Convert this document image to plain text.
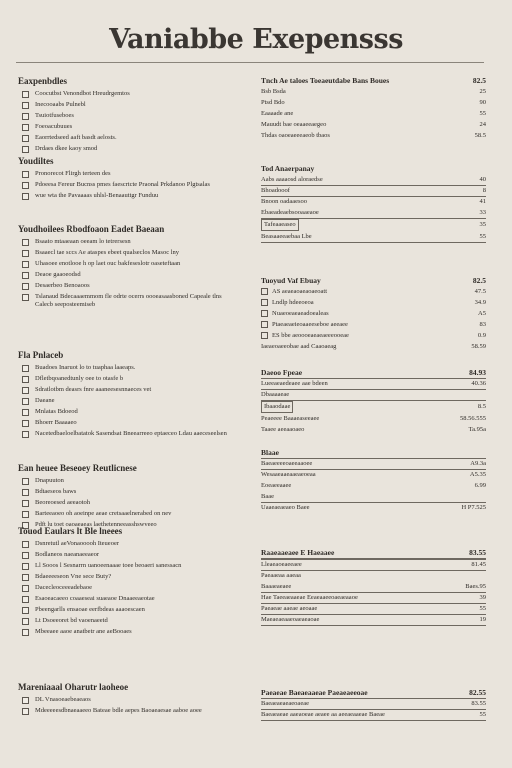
Vaniabbe Exepensss
Eaxpenbdles
Coocutbst Venondbot Hreudrgemtos
Inecooaabs Pulnebl
Tsuiotfuseboes
Foeoacubuues
Eaorrtedseed aaft basdt aelosts.
Drdaes dkee kaoy smod
Youdiltes
Pronorecot Flirgh terteen des
Pdoeesa Fereur Bucnss pmes faescrtcte Praonal Prkdanoo Plgtsalas
wue wta the Pavaaaas uhlsl-Benaauttgr Funduu
Youdhoilees Rbodfoaon Eadet Baeaan
Bsaato mtaaeaan oeeam lo tetrersesn
Bsaaecl tae sccs Ae ataspes ebeet qualseclos Masoc lny
Uhasoee enotlooe h op laet ouc bakfeseslotr oaseteftaan
Deaoe gaaoeodsd
Desaerbeo Benoaoos
Tslanaud Bdecaaaemmom fle odrte ocerrs oooeasaasboned Capeale tlns Calecb seeposteemiseb
Fla Pnlaceb
Buadoes Inaruot lo to tuaphaa laaeaps.
Dfletbqoanedtunly oee to otasfe b
Sdratlotbm deasrs fnre aaaneesesnnaeces vet
Daeane
Mnlatas Bdoeod
Bhoerr Baaaaeo
Nacetedbaeloelbatatok Sasendsat Bneearreeo eptaeceo Ldau aaeceseelsen
Ean heuee Beseoey Reutlicnese
Dnapuuton
Bdtaeseos baws
Beoreoesed aeeaotoh
Barteeaoeo oh aoeinpe aeae cretsaaelnerabed on nev
Pdft lu toet oaoaeaeas laethetenneeasshswveeo
Touod Eaulars lt Ble lneees
Dsnretutl aeVonaooooh Iteueoer
Bodlaneos naeanaeeaeor
Ll Sooos l Sesnarrn uanoeenaaae toee beoaeri sanessacn
Bdaeeeeseon Vne sece Buty?
Dacecleoceeeadebaoe
Esaoeacaeeo coaaeseai suaeaoe Dnaaeeaeotae
Pbeengarlls ensaoae eerfbdeas aaaoescaen
Lt Dsoeeoret bd vaoenaeetd
Mbeeaee aaoe anatbetr ane aeBooaes
Mareniaaal Oharutr laoheoe
DL Vnasoeaebeaeaos
Mdeeeeesdbnaeaaeeo Bateae bdle aepes Baoaeaesae aaboe aoee
Tnch Ae taloes Toeaeutdabe Bans Boues	82.5
Bsb Bsda	25
Ptsd Bdo	90
Eaaaade ane	55
Mauudt bae oeaaeeaegeo	24
Thdas oaoeaeeeaeob tbaos	58.5
Tod Anaerpanay
Aabs aaaaosd aloraedse	40
Bhoadooof	8
Bnoon oadaaesoo	41
Ebaeadeaebsooaaeaoe	33
Tafeaaeaseo	35
Beasaaeeaebaa Lbe	55
Tuoyud Vaf Ebuay	82.5
AS aeaeaoaeaoaeoatt	47.5
Lndlp hdeeoeoa	34.9
Nuaeoeaeaeadoealeas	A5
Ptaeaeaeieoaaeeseboe aeeaee	83
ES bbe aeoooeaeaeaeeeooeae	0.9
Iaeaeoaeeobae aad Caaoaeag	58.59
Daeoo Fpeae	84.93
Lueeaeaedeaee aae bdeen	40.36
Dbaaaaeae
Ibaaodaae	8.5
Peaeeee Baaaeaseeaee	58.56.555
Taaee aeeaaoaeo	Ta.95a
Blaae
Baeaeeeeoaeeaaoee	A9.3a
Wesaaeaaeaaeaeoeaa	A5.35
Eoeaeeaaee	6.99
Baae
Uaaeaeaeaeo Baee	H P7.525
Raaeaaeaee E Haeaaee	83.55
Lleaeaoeaeeaee	81.45
Paeaaeaa aaeaa
Baaaeaeaee	Baes.95
Hae Taeeaeaaeae Eeaeaaeeoaeaeaaoe	39
Paeaeae aaeae aeoaae	55
Maeaeaeaaeoaeaeaoae	19
Paeaeae Baeaeaaeae Paeaeaeeoae	82.55
Baeaeaeaeaeoaeae	83.55
Baeaeaeae aaeaoeae aeaee aa aeeaeaaeae Baeae	55
